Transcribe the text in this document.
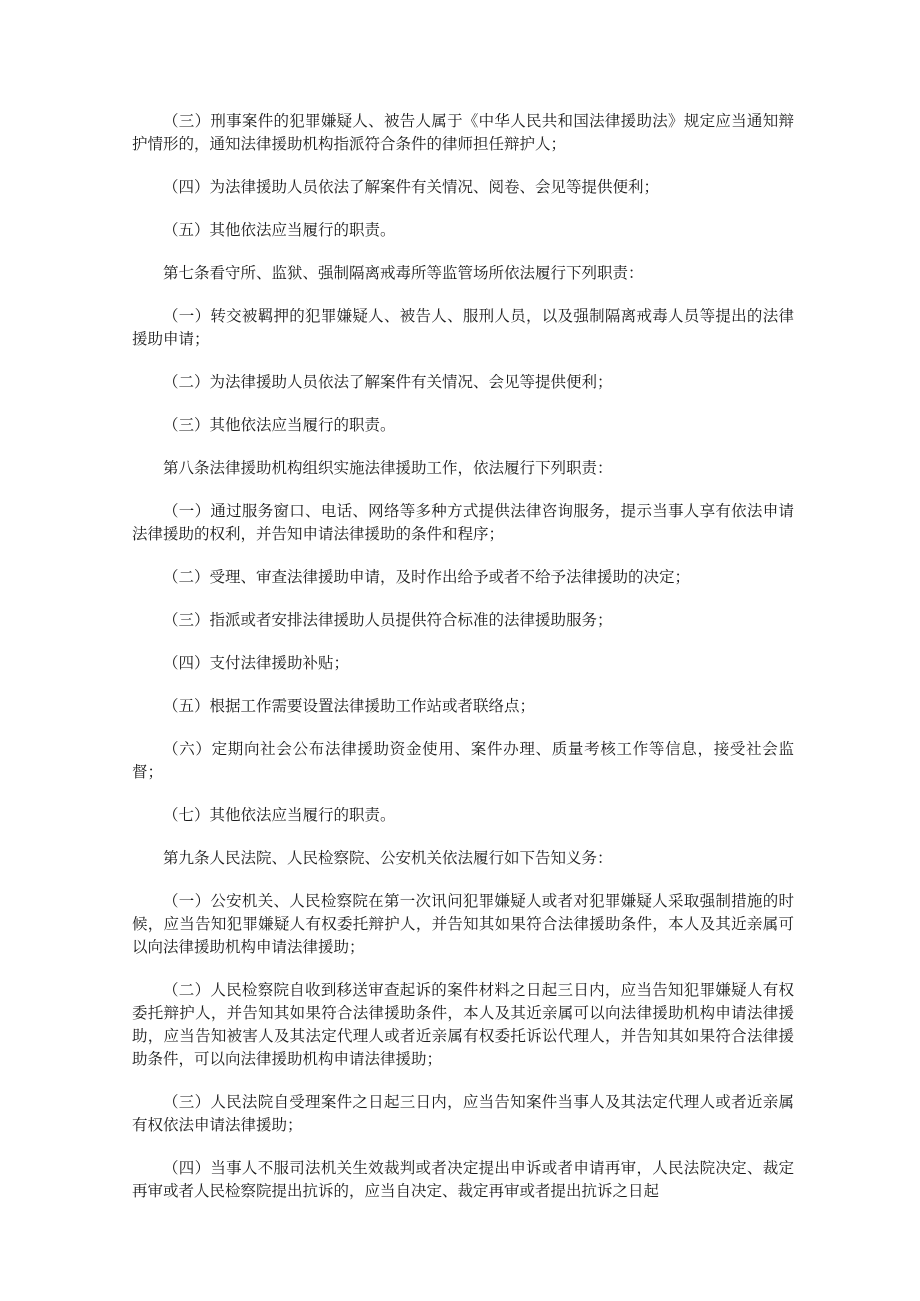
（三）刑事案件的犯罪嫌疑人、被告人属于《中华人民共和国法律援助法》规定应当通知辩护情形的，通知法律援助机构指派符合条件的律师担任辩护人；

（四）为法律援助人员依法了解案件有关情况、阅卷、会见等提供便利；

（五）其他依法应当履行的职责。

第七条看守所、监狱、强制隔离戒毒所等监管场所依法履行下列职责：

（一）转交被羁押的犯罪嫌疑人、被告人、服刑人员，以及强制隔离戒毒人员等提出的法律援助申请；

（二）为法律援助人员依法了解案件有关情况、会见等提供便利；

（三）其他依法应当履行的职责。

第八条法律援助机构组织实施法律援助工作，依法履行下列职责：

（一）通过服务窗口、电话、网络等多种方式提供法律咨询服务，提示当事人享有依法申请法律援助的权利，并告知申请法律援助的条件和程序；

（二）受理、审查法律援助申请，及时作出给予或者不给予法律援助的决定；

（三）指派或者安排法律援助人员提供符合标准的法律援助服务；

（四）支付法律援助补贴；

（五）根据工作需要设置法律援助工作站或者联络点；

（六）定期向社会公布法律援助资金使用、案件办理、质量考核工作等信息，接受社会监督；

（七）其他依法应当履行的职责。

第九条人民法院、人民检察院、公安机关依法履行如下告知义务：

（一）公安机关、人民检察院在第一次讯问犯罪嫌疑人或者对犯罪嫌疑人采取强制措施的时候，应当告知犯罪嫌疑人有权委托辩护人，并告知其如果符合法律援助条件，本人及其近亲属可以向法律援助机构申请法律援助；

（二）人民检察院自收到移送审查起诉的案件材料之日起三日内，应当告知犯罪嫌疑人有权委托辩护人，并告知其如果符合法律援助条件，本人及其近亲属可以向法律援助机构申请法律援助，应当告知被害人及其法定代理人或者近亲属有权委托诉讼代理人，并告知其如果符合法律援助条件，可以向法律援助机构申请法律援助；

（三）人民法院自受理案件之日起三日内，应当告知案件当事人及其法定代理人或者近亲属有权依法申请法律援助；

（四）当事人不服司法机关生效裁判或者决定提出申诉或者申请再审，人民法院决定、裁定再审或者人民检察院提出抗诉的，应当自决定、裁定再审或者提出抗诉之日起
